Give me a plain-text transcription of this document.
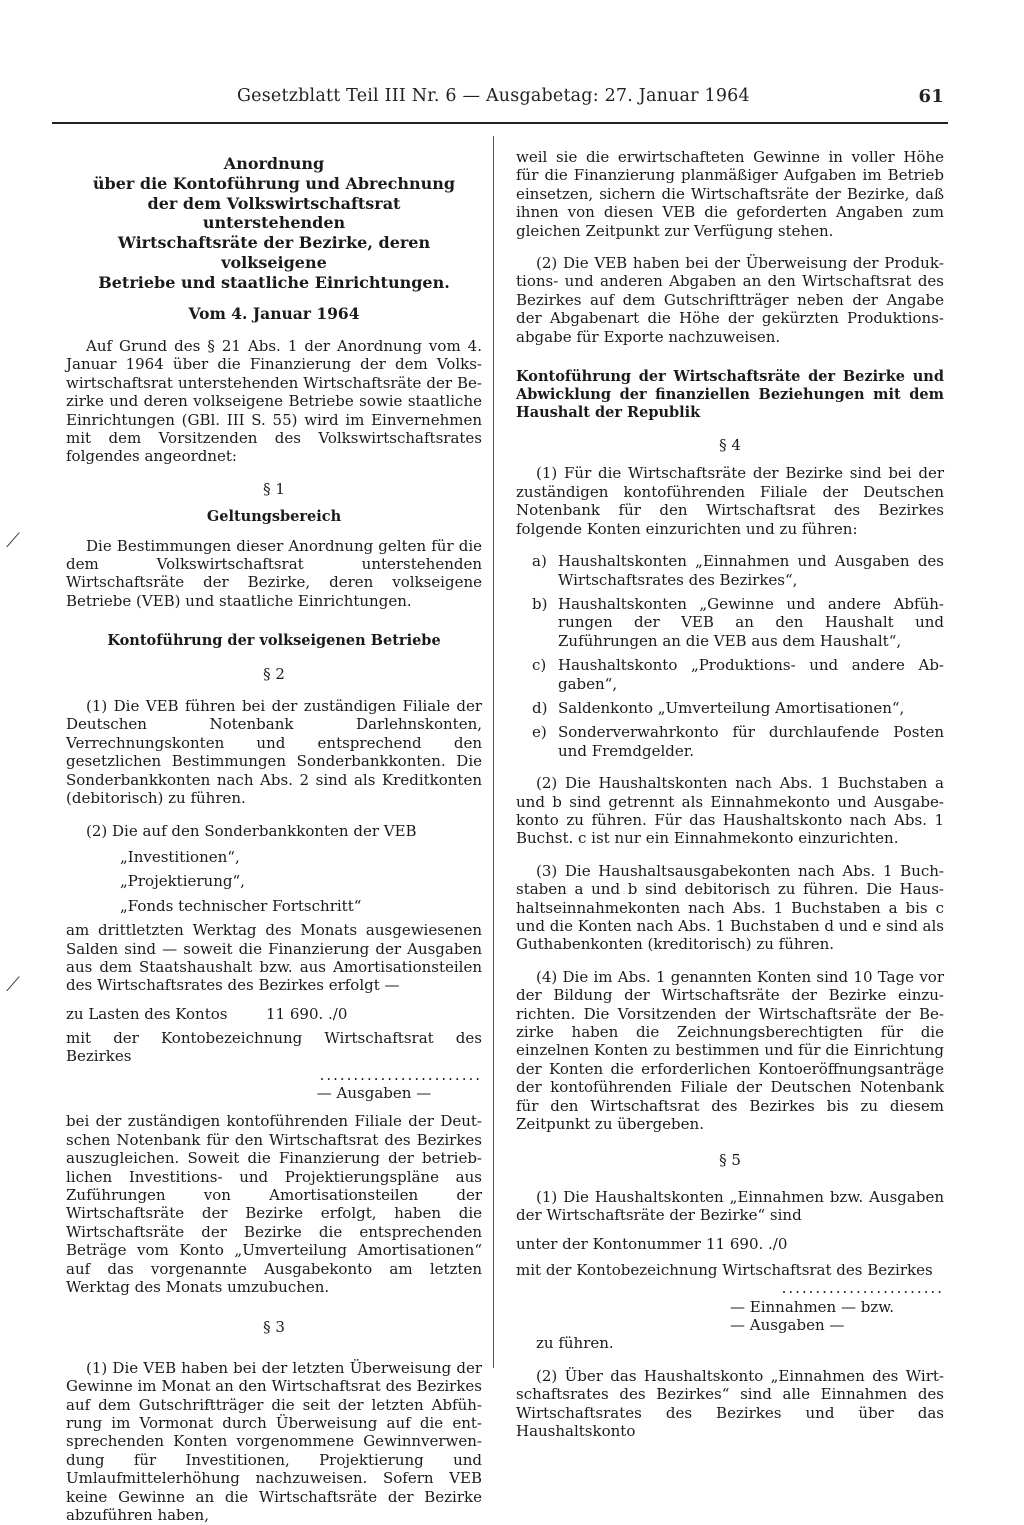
Gesetzblatt Teil III Nr. 6 — Ausgabetag: 27. Januar 1964	61
⟋
⟋

Anordnung
über die Kontoführung und Abrechnung
der dem Volkswirtschaftsrat unterstehenden
Wirtschaftsräte der Bezirke, deren volkseigene
Betriebe und staatliche Einrichtungen.

Vom 4. Januar 1964

Auf Grund des § 21 Abs. 1 der Anordnung vom 4. Januar 1964 über die Finanzierung der dem Volkswirtschaftsrat unterstehenden Wirtschaftsräte der Bezirke und deren volkseigene Betriebe sowie staatliche Einrichtungen (GBl. III S. 55) wird im Einvernehmen mit dem Vorsitzenden des Volkswirtschaftsrates folgendes angeordnet:

§ 1

Geltungsbereich

Die Bestimmungen dieser Anordnung gelten für die dem Volkswirtschaftsrat unterstehenden Wirtschaftsräte der Bezirke, deren volkseigene Betriebe (VEB) und staatliche Einrichtungen.

Kontoführung der volkseigenen Betriebe

§ 2

(1) Die VEB führen bei der zuständigen Filiale der Deutschen Notenbank Darlehnskonten, Verrechnungskonten und entsprechend den gesetzlichen Bestimmungen Sonderbankkonten. Die Sonderbankkonten nach Abs. 2 sind als Kreditkonten (debitorisch) zu führen.

(2) Die auf den Sonderbankkonten der VEB

„Investitionen“,

„Projektierung“,

„Fonds technischer Fortschritt“

am drittletzten Werktag des Monats ausgewiesenen Salden sind — soweit die Finanzierung der Ausgaben aus dem Staatshaushalt bzw. aus Amortisationsteilen des Wirtschaftsrates des Bezirkes erfolgt —

zu Lasten des Kontos	11 690. ./0

mit der Kontobezeichnung Wirtschaftsrat des Bezirkes

........................

— Ausgaben —

bei der zuständigen kontoführenden Filiale der Deutschen Notenbank für den Wirtschaftsrat des Bezirkes auszugleichen. Soweit die Finanzierung der betrieblichen Investitions- und Projektierungspläne aus Zuführungen von Amortisationsteilen der Wirtschaftsräte der Bezirke erfolgt, haben die Wirtschaftsräte der Bezirke die entsprechenden Beträge vom Konto „Umverteilung Amortisationen“ auf das vorgenannte Ausgabekonto am letzten Werktag des Monats umzubuchen.

§ 3

(1) Die VEB haben bei der letzten Überweisung der Gewinne im Monat an den Wirtschaftsrat des Bezirkes auf dem Gutschriftträger die seit der letzten Abführung im Vormonat durch Überweisung auf die entsprechenden Konten vorgenommene Gewinnverwendung für Investitionen, Projektierung und Umlaufmittelerhöhung nachzuweisen. Sofern VEB keine Gewinne an die Wirtschaftsräte der Bezirke abzuführen haben,

weil sie die erwirtschafteten Gewinne in voller Höhe für die Finanzierung planmäßiger Aufgaben im Betrieb einsetzen, sichern die Wirtschaftsräte der Bezirke, daß ihnen von diesen VEB die geforderten Angaben zum gleichen Zeitpunkt zur Verfügung stehen.

(2) Die VEB haben bei der Überweisung der Produktions- und anderen Abgaben an den Wirtschaftsrat des Bezirkes auf dem Gutschriftträger neben der Angabe der Abgabenart die Höhe der gekürzten Produktionsabgabe für Exporte nachzuweisen.

Kontoführung der Wirtschaftsräte der Bezirke und Abwicklung der finanziellen Beziehungen mit dem Haushalt der Republik

§ 4

(1) Für die Wirtschaftsräte der Bezirke sind bei der zuständigen kontoführenden Filiale der Deutschen Notenbank für den Wirtschaftsrat des Bezirkes folgende Konten einzurichten und zu führen:

a) Haushaltskonten „Einnahmen und Ausgaben des Wirtschaftsrates des Bezirkes“,
b) Haushaltskonten „Gewinne und andere Abführungen der VEB an den Haushalt und Zuführungen an die VEB aus dem Haushalt“,
c) Haushaltskonto „Produktions- und andere Abgaben“,
d) Saldenkonto „Umverteilung Amortisationen“,
e) Sonderverwahrkonto für durchlaufende Posten und Fremdgelder.

(2) Die Haushaltskonten nach Abs. 1 Buchstaben a und b sind getrennt als Einnahmekonto und Ausgabekonto zu führen. Für das Haushaltskonto nach Abs. 1 Buchst. c ist nur ein Einnahmekonto einzurichten.

(3) Die Haushaltsausgabekonten nach Abs. 1 Buchstaben a und b sind debitorisch zu führen. Die Haushaltseinnahmekonten nach Abs. 1 Buchstaben a bis c und die Konten nach Abs. 1 Buchstaben d und e sind als Guthabenkonten (kreditorisch) zu führen.

(4) Die im Abs. 1 genannten Konten sind 10 Tage vor der Bildung der Wirtschaftsräte der Bezirke einzurichten. Die Vorsitzenden der Wirtschaftsräte der Bezirke haben die Zeichnungsberechtigten für die einzelnen Konten zu bestimmen und für die Einrichtung der Konten die erforderlichen Kontoeröffnungsanträge der kontoführenden Filiale der Deutschen Notenbank für den Wirtschaftsrat des Bezirkes bis zu diesem Zeitpunkt zu übergeben.

§ 5

(1) Die Haushaltskonten „Einnahmen bzw. Ausgaben der Wirtschaftsräte der Bezirke“ sind

unter der Kontonummer 11 690. ./0

mit der Kontobezeichnung Wirtschaftsrat des Bezirkes

........................

— Einnahmen — bzw.

— Ausgaben —

zu führen.

(2) Über das Haushaltskonto „Einnahmen des Wirtschaftsrates des Bezirkes“ sind alle Einnahmen des Wirtschaftsrates des Bezirkes und über das Haushaltskonto
